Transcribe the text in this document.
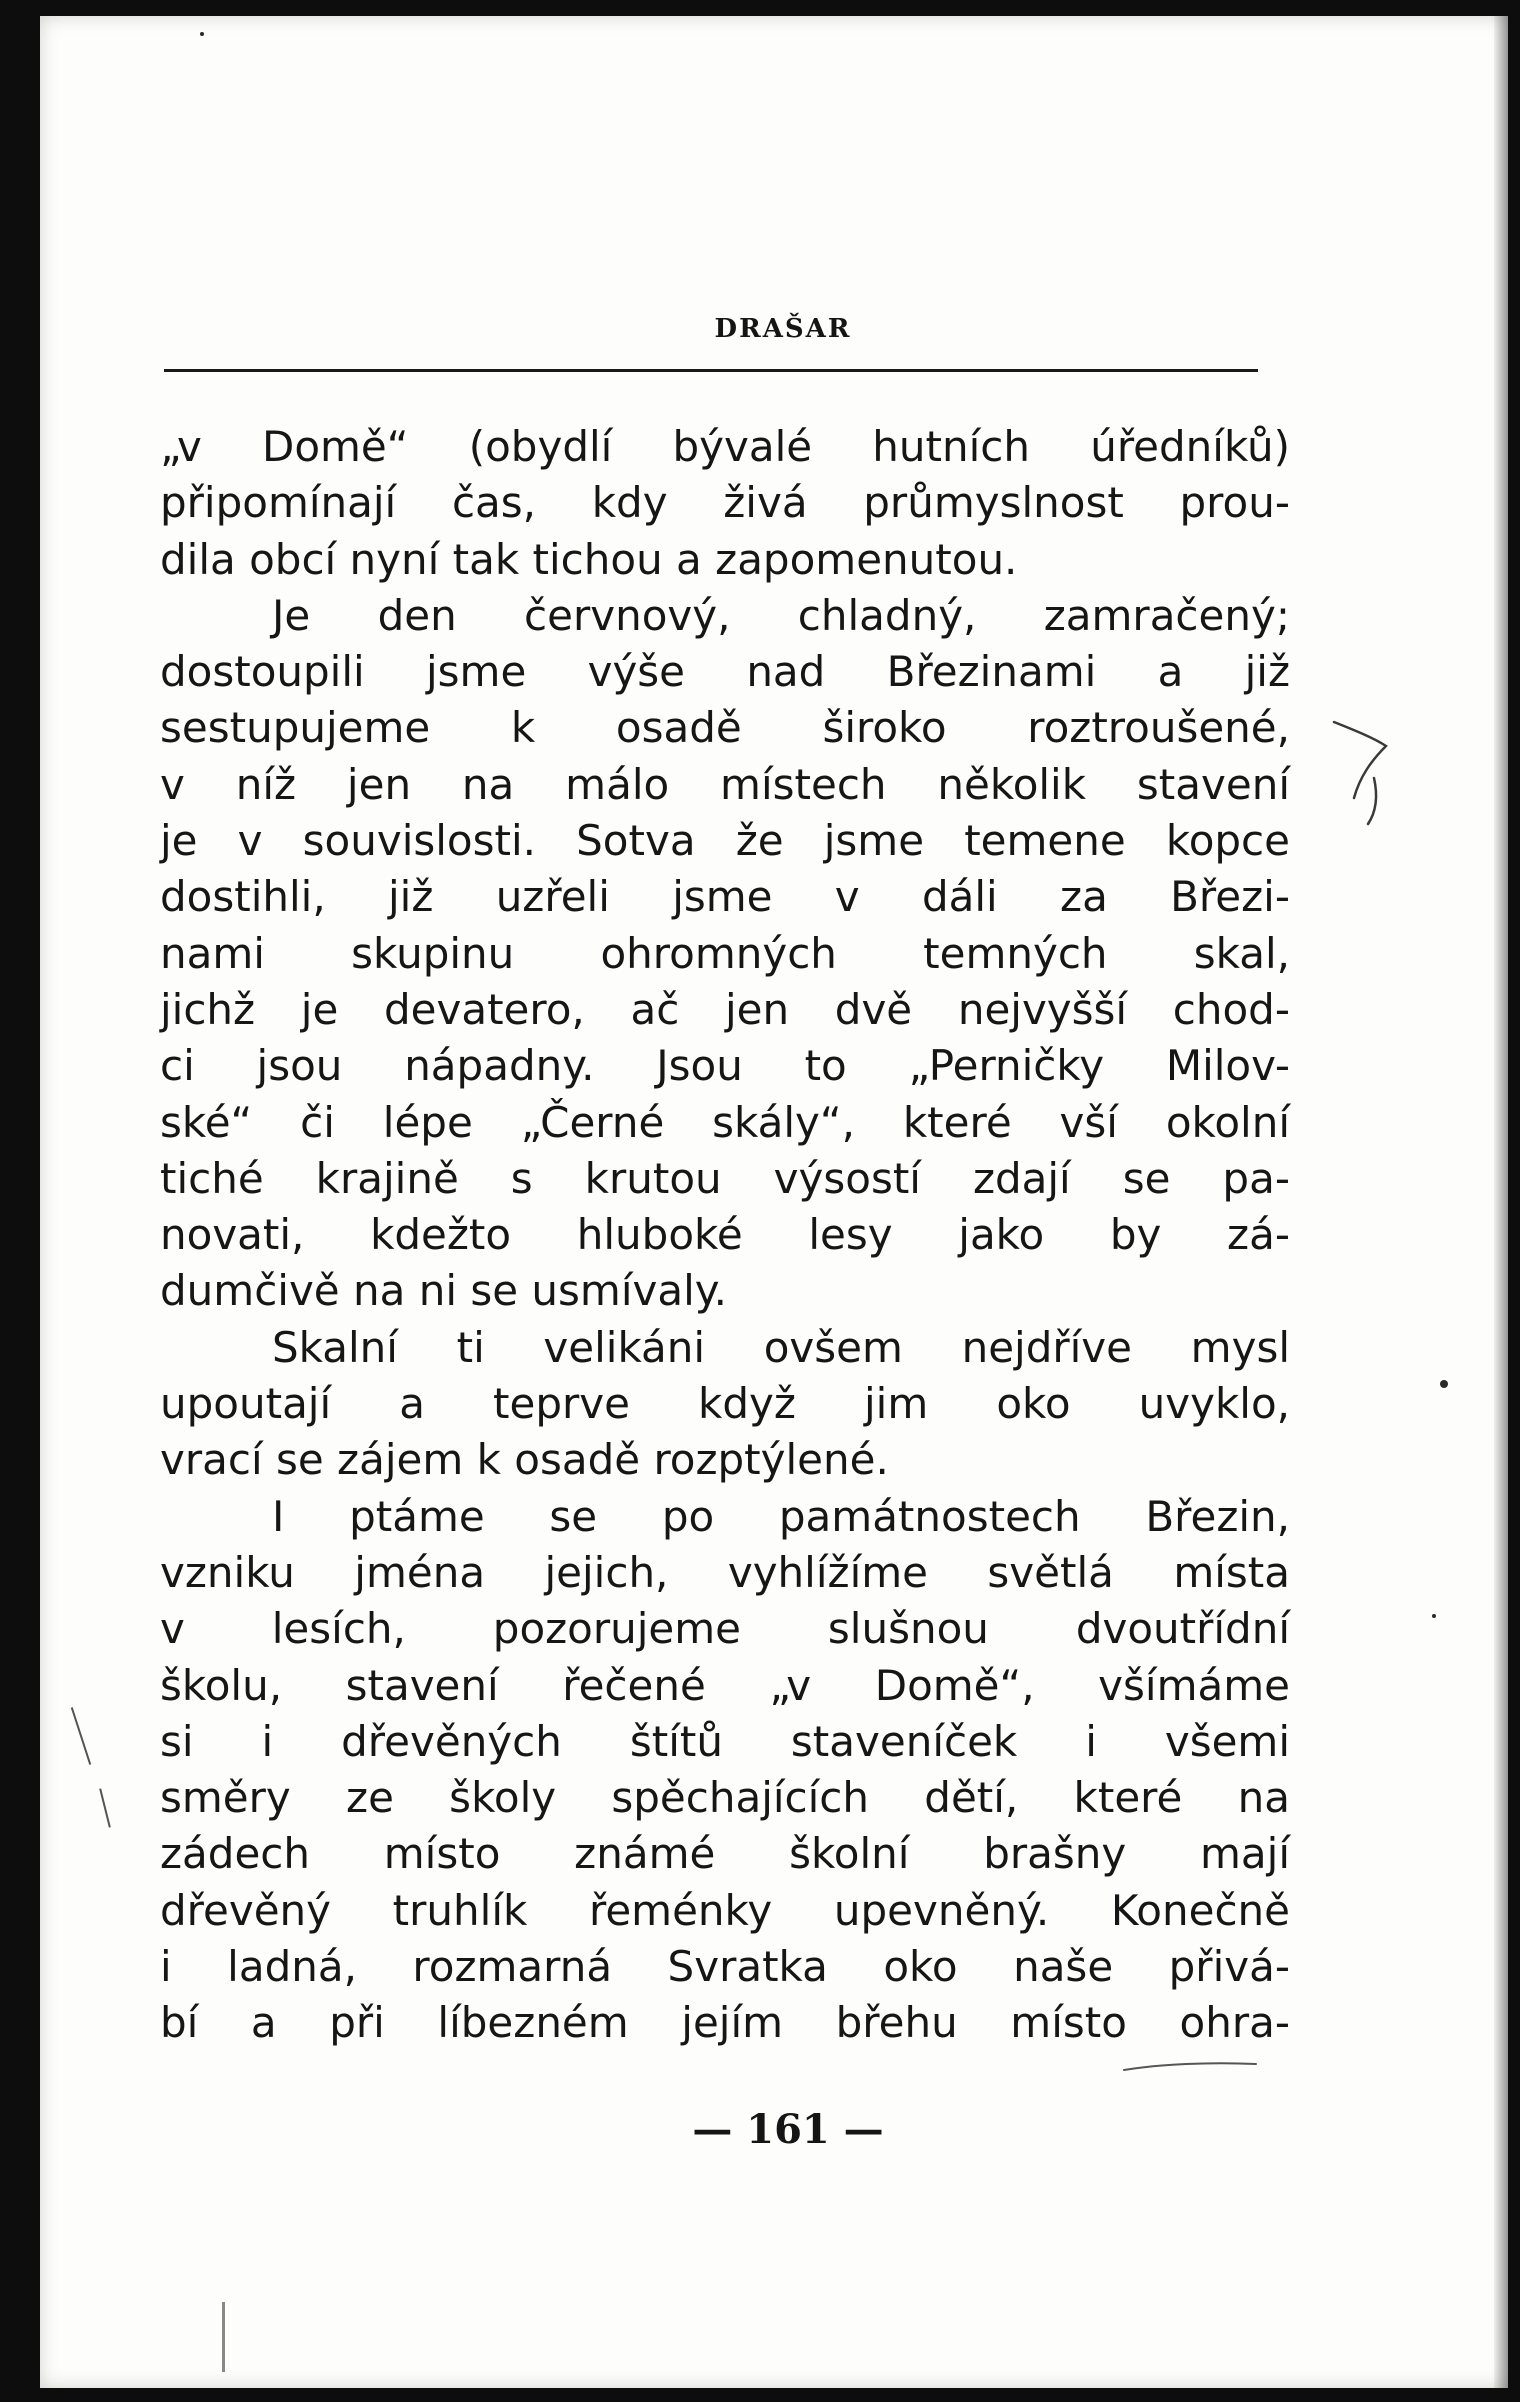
DRAŠAR
„v Domě“ (obydlí bývalé hutních úředníků)
připomínají čas, kdy živá průmyslnost prou-
dila obcí nyní tak tichou a zapomenutou.
Je den červnový, chladný, zamračený;
dostoupili jsme výše nad Březinami a již
sestupujeme k osadě široko roztroušené,
v níž jen na málo místech několik stavení
je v souvislosti. Sotva že jsme temene kopce
dostihli, již uzřeli jsme v dáli za Březi-
nami skupinu ohromných temných skal,
jichž je devatero, ač jen dvě nejvyšší chod-
ci jsou nápadny. Jsou to „Perničky Milov-
ské“ či lépe „Černé skály“, které vší okolní
tiché krajině s krutou výsostí zdají se pa-
novati, kdežto hluboké lesy jako by zá-
dumčivě na ni se usmívaly.
Skalní ti velikáni ovšem nejdříve mysl
upoutají a teprve když jim oko uvyklo,
vrací se zájem k osadě rozptýlené.
I ptáme se po památnostech Březin,
vzniku jména jejich, vyhlížíme světlá místa
v lesích, pozorujeme slušnou dvoutřídní
školu, stavení řečené „v Domě“, všímáme
si i dřevěných štítů staveníček i všemi
směry ze školy spěchajících dětí, které na
zádech místo známé školní brašny mají
dřevěný truhlík řeménky upevněný. Konečně
i ladná, rozmarná Svratka oko naše přivá-
bí a při líbezném jejím břehu místo ohra-
— 161 —
